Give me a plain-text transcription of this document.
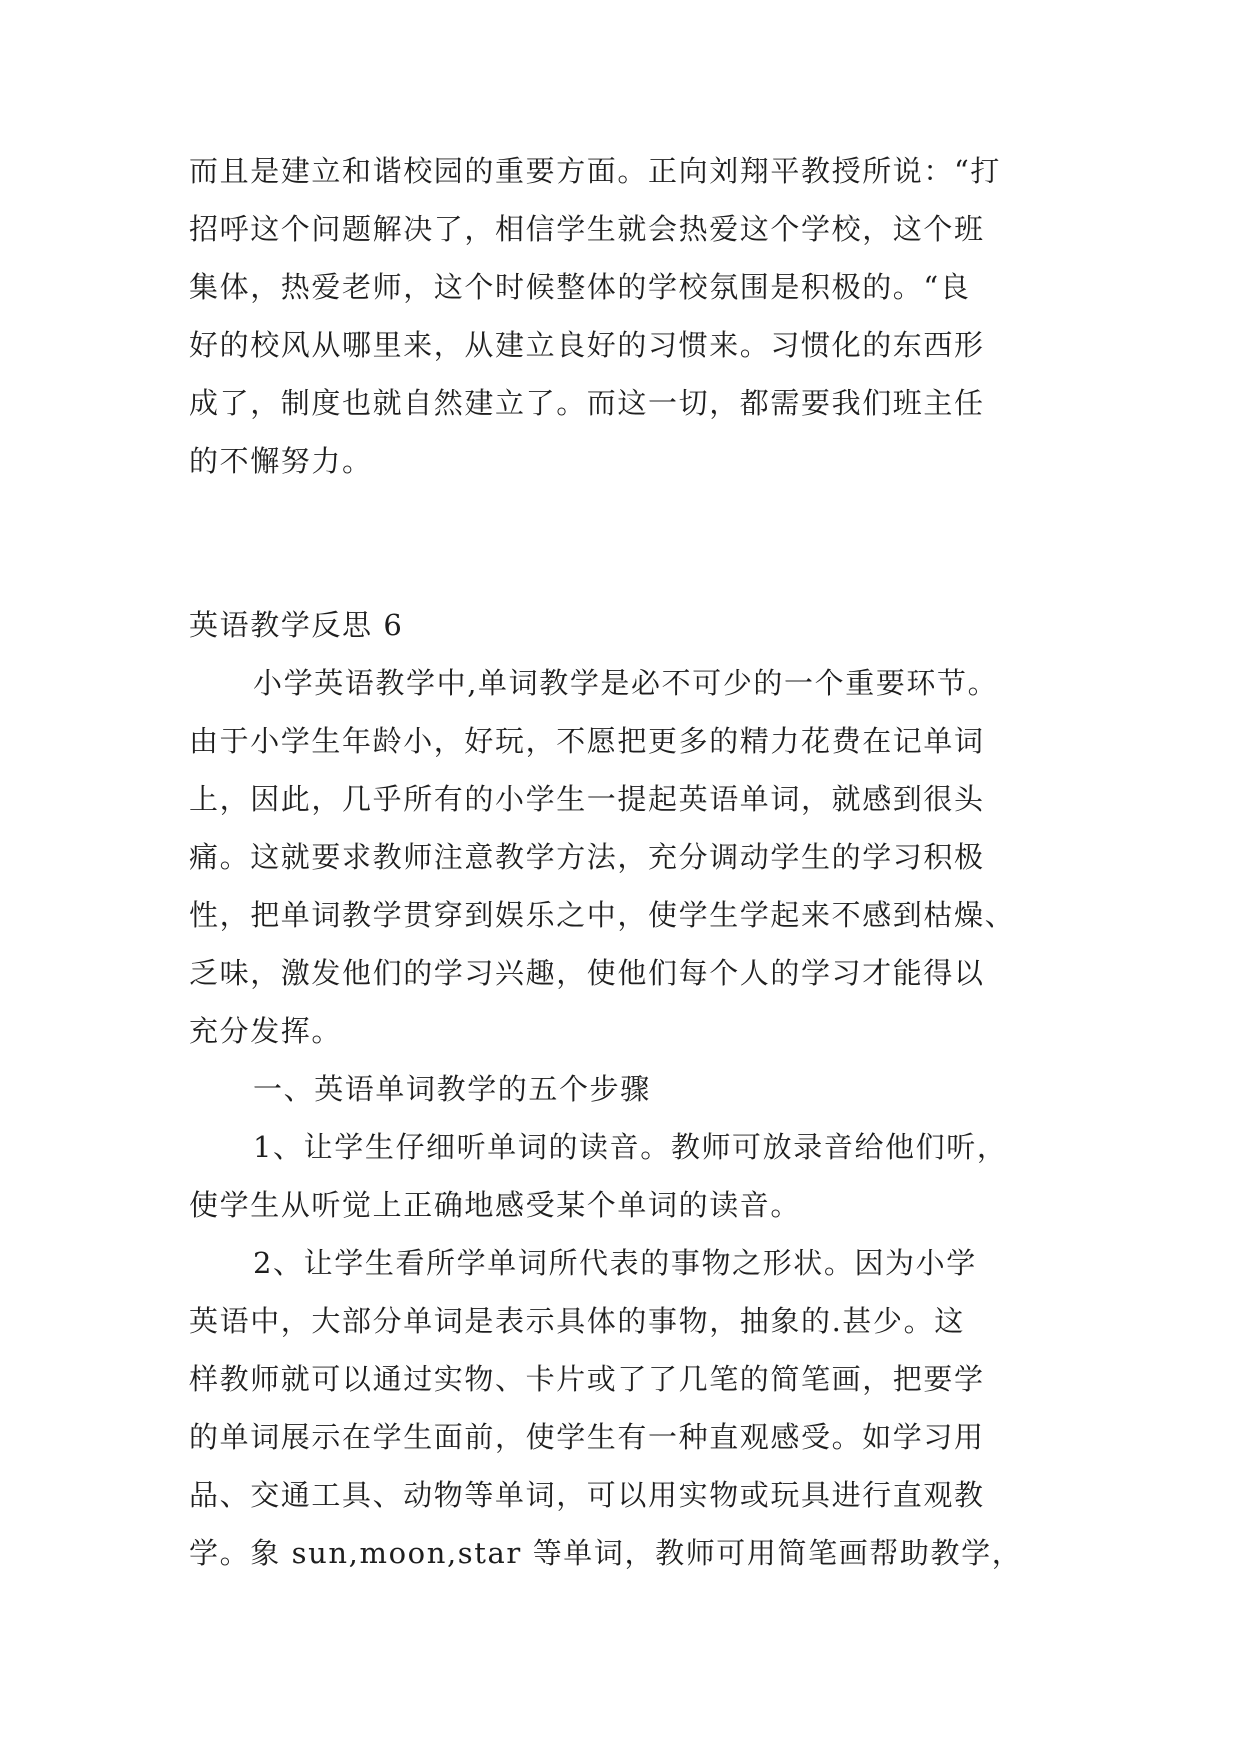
而且是建立和谐校园的重要方面。正向刘翔平教授所说：“打
招呼这个问题解决了，相信学生就会热爱这个学校，这个班
集体，热爱老师，这个时候整体的学校氛围是积极的。“良
好的校风从哪里来，从建立良好的习惯来。习惯化的东西形
成了，制度也就自然建立了。而这一切，都需要我们班主任
的不懈努力。
英语教学反思 6
小学英语教学中,单词教学是必不可少的一个重要环节。
由于小学生年龄小，好玩，不愿把更多的精力花费在记单词
上，因此，几乎所有的小学生一提起英语单词，就感到很头
痛。这就要求教师注意教学方法，充分调动学生的学习积极
性，把单词教学贯穿到娱乐之中，使学生学起来不感到枯燥、
乏味，激发他们的学习兴趣，使他们每个人的学习才能得以
充分发挥。
一、英语单词教学的五个步骤
1、让学生仔细听单词的读音。教师可放录音给他们听，
使学生从听觉上正确地感受某个单词的读音。
2、让学生看所学单词所代表的事物之形状。因为小学
英语中，大部分单词是表示具体的事物，抽象的.甚少。这
样教师就可以通过实物、卡片或了了几笔的简笔画，把要学
的单词展示在学生面前，使学生有一种直观感受。如学习用
品、交通工具、动物等单词，可以用实物或玩具进行直观教
学。象 sun,moon,star 等单词，教师可用简笔画帮助教学，
